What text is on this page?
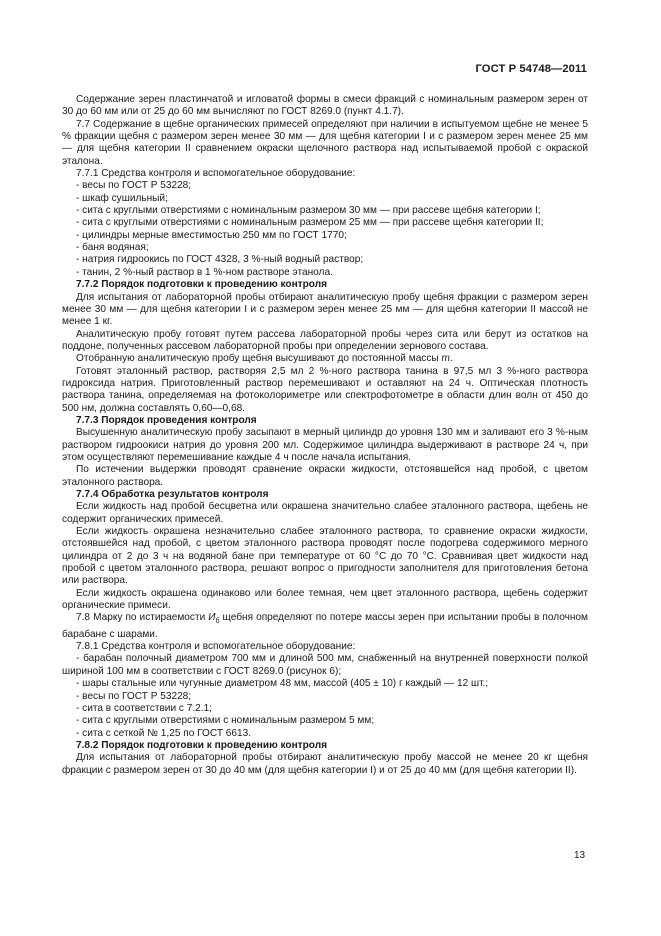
ГОСТ Р 54748—2011

Содержание зерен пластинчатой и игловатой формы в смеси фракций с номинальным размером зерен от 30 до 60 мм или от 25 до 60 мм вычисляют по ГОСТ 8269.0 (пункт 4.1.7).

7.7 Содержание в щебне органических примесей определяют при наличии в испытуемом щебне не менее 5 % фракции щебня с размером зерен менее 30 мм — для щебня категории I и с размером зерен менее 25 мм — для щебня категории II сравнением окраски щелочного раствора над испытываемой пробой с окраской эталона.

7.7.1 Средства контроля и вспомогательное оборудование:

- весы по ГОСТ Р 53228;

- шкаф сушильный;

- сита с круглыми отверстиями с номинальным размером 30 мм — при рассеве щебня категории I;

- сита с круглыми отверстиями с номинальным размером 25 мм — при рассеве щебня категории II;

- цилиндры мерные вместимостью 250 мм по ГОСТ 1770;

- баня водяная;

- натрия гидроокись по ГОСТ 4328, 3 %-ный водный раствор;

- танин, 2 %-ный раствор в 1 %-ном растворе этанола.

7.7.2 Порядок подготовки к проведению контроля

Для испытания от лабораторной пробы отбирают аналитическую пробу щебня фракции с размером зерен менее 30 мм — для щебня категории I и с размером зерен менее 25 мм — для щебня категории II массой не менее 1 кг.

Аналитическую пробу готовят путем рассева лабораторной пробы через сита или берут из остатков на поддоне, полученных рассевом лабораторной пробы при определении зернового состава.

Отобранную аналитическую пробу щебня высушивают до постоянной массы m.

Готовят эталонный раствор, растворяя 2,5 мл 2 %-ного раствора танина в 97,5 мл 3 %-ного раствора гидроксида натрия. Приготовленный раствор перемешивают и оставляют на 24 ч. Оптическая плотность раствора танина, определяемая на фотоколориметре или спектрофотометре в области длин волн от 450 до 500 нм, должна составлять 0,60—0,68.

7.7.3 Порядок проведения контроля

Высушенную аналитическую пробу засыпают в мерный цилиндр до уровня 130 мм и заливают его 3 %-ным раствором гидроокиси натрия до уровня 200 мл. Содержимое цилиндра выдерживают в растворе 24 ч, при этом осуществляют перемешивание каждые 4 ч после начала испытания.

По истечении выдержки проводят сравнение окраски жидкости, отстоявшейся над пробой, с цветом эталонного раствора.

7.7.4 Обработка результатов контроля

Если жидкость над пробой бесцветна или окрашена значительно слабее эталонного раствора, щебень не содержит органических примесей.

Если жидкость окрашена незначительно слабее эталонного раствора, то сравнение окраски жидкости, отстоявшейся над пробой, с цветом эталонного раствора проводят после подогрева содержимого мерного цилиндра от 2 до 3 ч на водяной бане при температуре от 60 °С до 70 °С. Сравнивая цвет жидкости над пробой с цветом эталонного раствора, решают вопрос о пригодности заполнителя для приготовления бетона или раствора.

Если жидкость окрашена одинаково или более темная, чем цвет эталонного раствора, щебень содержит органические примеси.

7.8 Марку по истираемости $И_б$ щебня определяют по потере массы зерен при испытании пробы в полочном барабане с шарами.

7.8.1 Средства контроля и вспомогательное оборудование:

- барабан полочный диаметром 700 мм и длиной 500 мм, снабженный на внутренней поверхности полкой шириной 100 мм в соответствии с ГОСТ 8269.0 (рисунок 6);

- шары стальные или чугунные диаметром 48 мм, массой (405 ± 10) г каждый — 12 шт.;

- весы по ГОСТ Р 53228;

- сита в соответствии с 7.2.1;

- сита с круглыми отверстиями с номинальным размером 5 мм;

- сита с сеткой № 1,25 по ГОСТ 6613.

7.8.2 Порядок подготовки к проведению контроля

Для испытания от лабораторной пробы отбирают аналитическую пробу массой не менее 20 кг щебня фракции с размером зерен от 30 до 40 мм (для щебня категории I) и от 25 до 40 мм (для щебня категории II).

13
